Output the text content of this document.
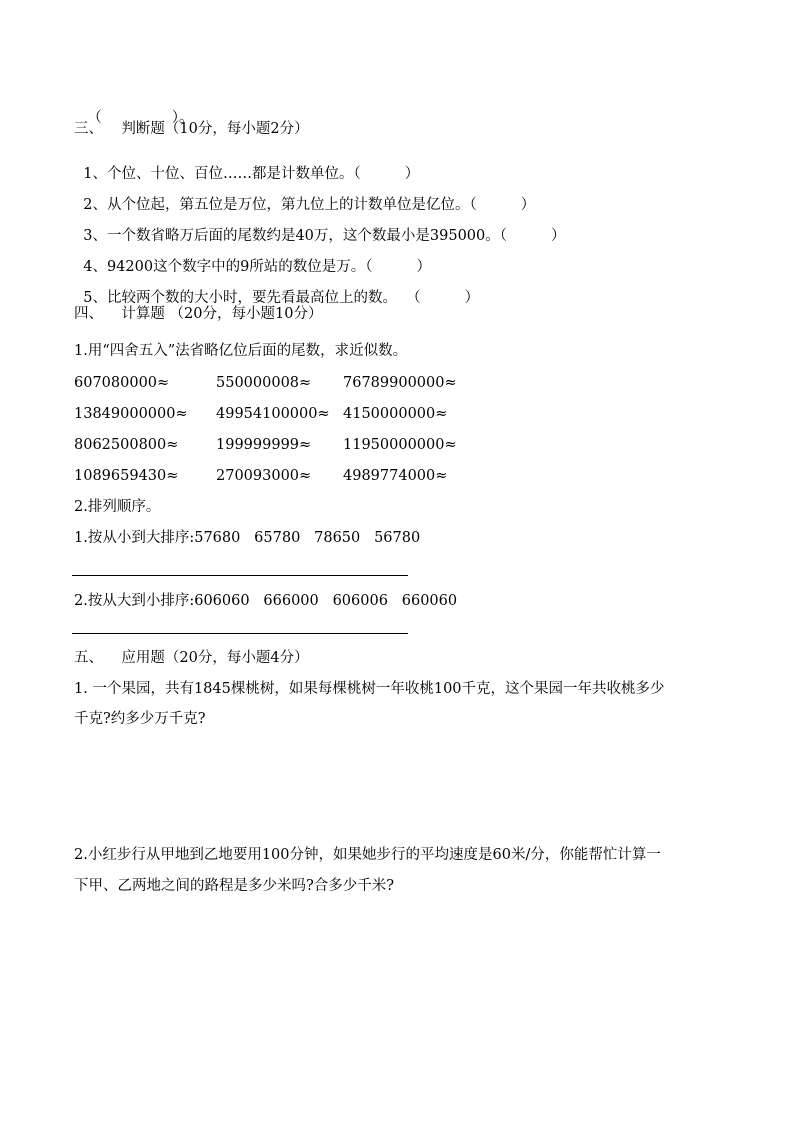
（	）。

三、    判断题（10分，每小题2分）

1、个位、十位、百位……都是计数单位。（	）

2、从个位起，第五位是万位，第九位上的计数单位是亿位。（	）

3、一个数省略万后面的尾数约是40万，这个数最小是395000。（	）

4、94200这个数字中的9所站的数位是万。（	）

5、比较两个数的大小时，要先看最高位上的数。  （	）

四、    计算题 （20分，每小题10分）
1.用“四舍五入”法省略亿位后面的尾数，求近似数。
607080000≈	550000008≈ 76789900000≈
13849000000≈ 49954100000≈ 4150000000≈
8062500800≈	199999999≈ 11950000000≈
1089659430≈	270093000≈ 4989774000≈
2.排列顺序。
1.按从小到大排序:57680   65780   78650   56780
2.按从大到小排序:606060   666000   606006   660060
五、    应用题（20分，每小题4分）
1. 一个果园，共有1845棵桃树，如果每棵桃树一年收桃100千克，这个果园一年共收桃多少
千克?约多少万千克?
2.小红步行从甲地到乙地要用100分钟，如果她步行的平均速度是60米/分，你能帮忙计算一
下甲、乙两地之间的路程是多少米吗?合多少千米?
